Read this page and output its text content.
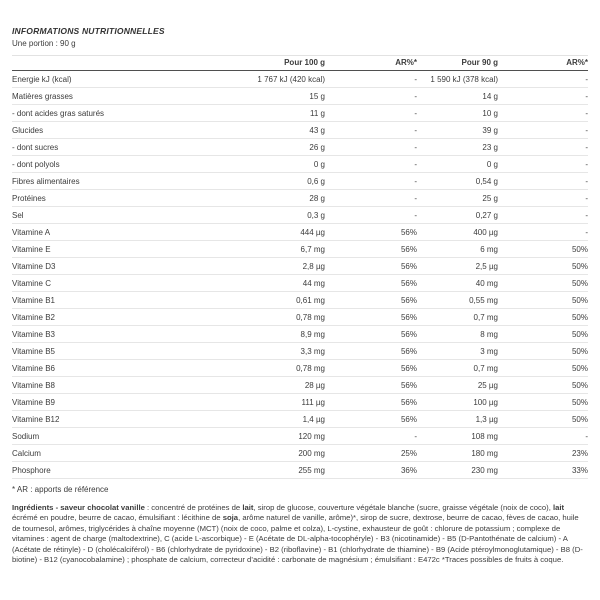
INFORMATIONS NUTRITIONNELLES
Une portion : 90 g
	Pour 100 g	AR%*	Pour 90 g	AR%*
Energie kJ (kcal)	1 767 kJ (420 kcal)	-	1 590 kJ (378 kcal)	-
Matières grasses	15 g	-	14 g	-
- dont acides gras saturés	11 g	-	10 g	-
Glucides	43 g	-	39 g	-
- dont sucres	26 g	-	23 g	-
- dont polyols	0 g	-	0 g	-
Fibres alimentaires	0,6 g	-	0,54 g	-
Protéines	28 g	-	25 g	-
Sel	0,3 g	-	0,27 g	-
Vitamine A	444 µg	56%	400 µg	-
Vitamine E	6,7 mg	56%	6 mg	50%
Vitamine D3	2,8 µg	56%	2,5 µg	50%
Vitamine C	44 mg	56%	40 mg	50%
Vitamine B1	0,61 mg	56%	0,55 mg	50%
Vitamine B2	0,78 mg	56%	0,7 mg	50%
Vitamine B3	8,9 mg	56%	8 mg	50%
Vitamine B5	3,3 mg	56%	3 mg	50%
Vitamine B6	0,78 mg	56%	0,7 mg	50%
Vitamine B8	28 µg	56%	25 µg	50%
Vitamine B9	111 µg	56%	100 µg	50%
Vitamine B12	1,4 µg	56%	1,3 µg	50%
Sodium	120 mg	-	108 mg	-
Calcium	200 mg	25%	180 mg	23%
Phosphore	255 mg	36%	230 mg	33%
* AR : apports de référence
Ingrédients - saveur chocolat vanille : concentré de protéines de lait, sirop de glucose, couverture végétale blanche (sucre, graisse végétale (noix de coco), lait écrémé en poudre, beurre de cacao, émulsifiant : lécithine de soja, arôme naturel de vanille, arôme)*, sirop de sucre, dextrose, beurre de cacao, fèves de cacao, huile de tournesol, arômes, triglycérides à chaîne moyenne (MCT) (noix de coco, palme et colza), L-cystine, exhausteur de goût : chlorure de potassium ; complexe de vitamines : agent de charge (maltodextrine), C (acide L-ascorbique) - E (Acétate de DL-alpha-tocophéryle) - B3 (nicotinamide) - B5 (D-Pantothénate de calcium) - A (Acétate de rétinyle) - D (cholécalciférol) - B6 (chlorhydrate de pyridoxine) - B2 (riboflavine) - B1 (chlorhydrate de thiamine) - B9 (Acide ptéroylmonoglutamique) - B8 (D-biotine) - B12 (cyanocobalamine) ; phosphate de calcium, correcteur d’acidité : carbonate de magnésium ; émulsifiant : E472c *Traces possibles de fruits à coque.
